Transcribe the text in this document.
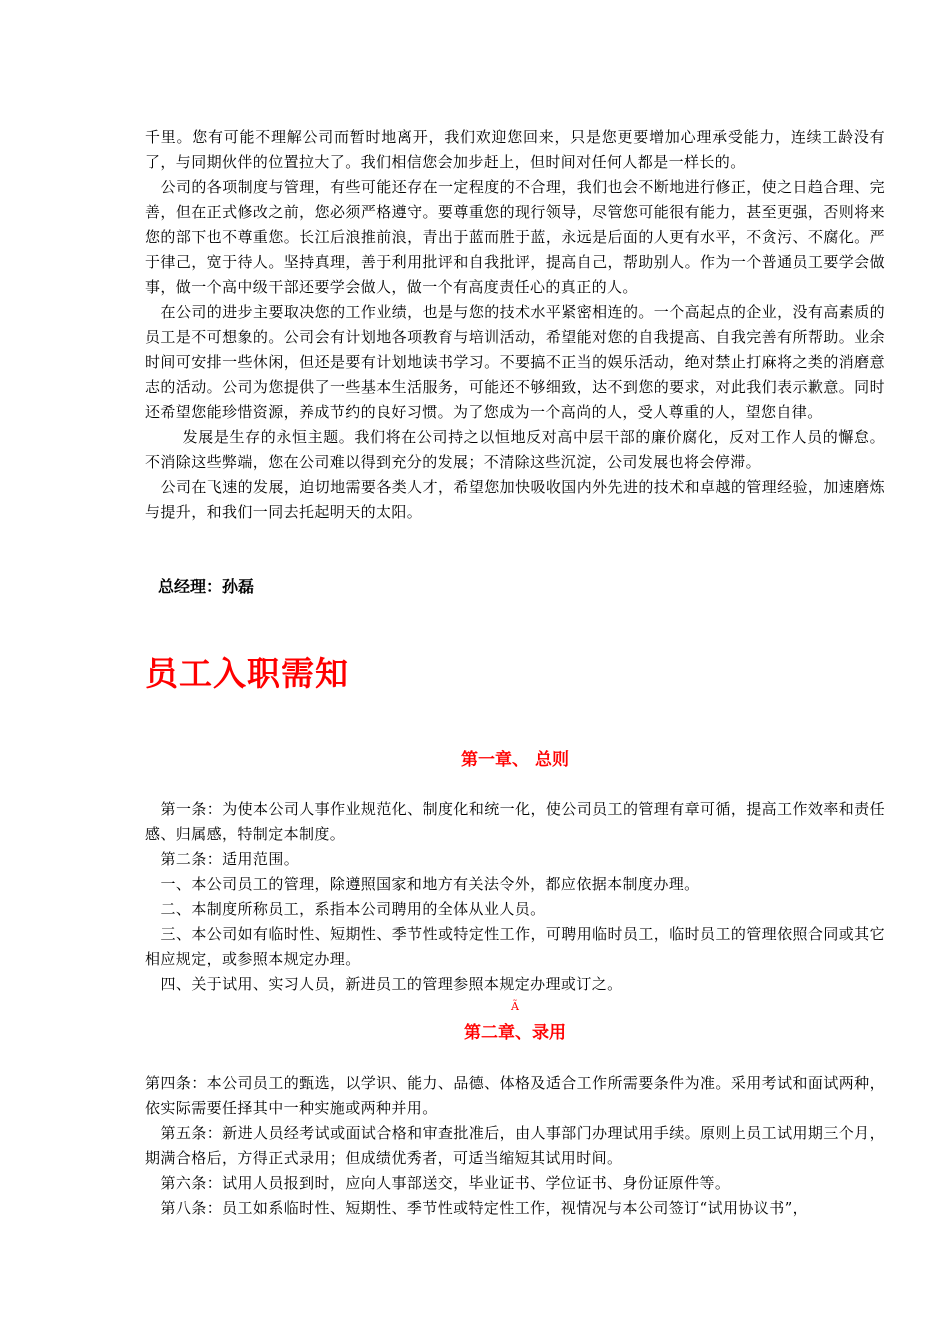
千里。您有可能不理解公司而暂时地离开，我们欢迎您回来，只是您更要增加心理承受能力，连续工龄没有了，与同期伙伴的位置拉大了。我们相信您会加步赶上，但时间对任何人都是一样长的。

公司的各项制度与管理，有些可能还存在一定程度的不合理，我们也会不断地进行修正，使之日趋合理、完善，但在正式修改之前，您必须严格遵守。要尊重您的现行领导，尽管您可能很有能力，甚至更强，否则将来您的部下也不尊重您。长江后浪推前浪，青出于蓝而胜于蓝，永远是后面的人更有水平，不贪污、不腐化。严于律己，宽于待人。坚持真理，善于利用批评和自我批评，提高自己，帮助别人。作为一个普通员工要学会做事，做一个高中级干部还要学会做人，做一个有高度责任心的真正的人。

在公司的进步主要取决您的工作业绩，也是与您的技术水平紧密相连的。一个高起点的企业，没有高素质的员工是不可想象的。公司会有计划地各项教育与培训活动，希望能对您的自我提高、自我完善有所帮助。业余时间可安排一些休闲，但还是要有计划地读书学习。不要搞不正当的娱乐活动，绝对禁止打麻将之类的消磨意志的活动。公司为您提供了一些基本生活服务，可能还不够细致，达不到您的要求，对此我们表示歉意。同时还希望您能珍惜资源，养成节约的良好习惯。为了您成为一个高尚的人，受人尊重的人，望您自律。

发展是生存的永恒主题。我们将在公司持之以恒地反对高中层干部的廉价腐化，反对工作人员的懈怠。不消除这些弊端，您在公司难以得到充分的发展；不清除这些沉淀，公司发展也将会停滞。

公司在飞速的发展，迫切地需要各类人才，希望您加快吸收国内外先进的技术和卓越的管理经验，加速磨炼与提升，和我们一同去托起明天的太阳。

总经理：孙磊
员工入职需知
第一章、 总则

第一条：为使本公司人事作业规范化、制度化和统一化，使公司员工的管理有章可循，提高工作效率和责任感、归属感，特制定本制度。

第二条：适用范围。

一、本公司员工的管理，除遵照国家和地方有关法令外，都应依据本制度办理。

二、本制度所称员工，系指本公司聘用的全体从业人员。

三、本公司如有临时性、短期性、季节性或特定性工作，可聘用临时员工，临时员工的管理依照合同或其它相应规定，或参照本规定办理。

四、关于试用、实习人员，新进员工的管理参照本规定办理或订之。

Ã
第二章、录用

第四条：本公司员工的甄选，以学识、能力、品德、体格及适合工作所需要条件为准。采用考试和面试两种，依实际需要任择其中一种实施或两种并用。

第五条：新进人员经考试或面试合格和审查批准后，由人事部门办理试用手续。原则上员工试用期三个月，期满合格后，方得正式录用；但成绩优秀者，可适当缩短其试用时间。

第六条：试用人员报到时，应向人事部送交，毕业证书、学位证书、身份证原件等。

第八条：员工如系临时性、短期性、季节性或特定性工作，视情况与本公司签订“试用协议书”，
